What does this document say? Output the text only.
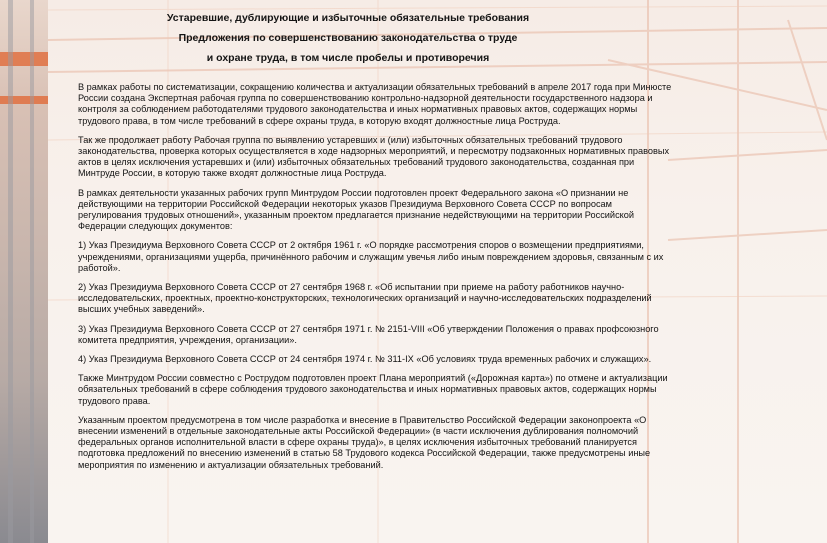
Устаревшие, дублирующие и избыточные обязательные требования
Предложения по совершенствованию законодательства о труде
и охране труда, в том числе пробелы и противоречия

В рамках работы по систематизации, сокращению количества и актуализации обязательных требований в апреле 2017 года при Минюсте России создана Экспертная рабочая группа по совершенствованию контрольно-надзорной деятельности государственного надзора и контроля за соблюдением работодателями трудового законодательства и иных нормативных правовых актов, содержащих нормы трудового права, в том числе требований в сфере охраны труда, в которую входят должностные лица Роструда.

Так же продолжает работу Рабочая группа по выявлению устаревших и (или) избыточных обязательных требований трудового законодательства, проверка которых осуществляется в ходе надзорных мероприятий, и пересмотру подзаконных нормативных правовых актов в целях исключения устаревших и (или) избыточных обязательных требований трудового законодательства, созданная при Минтруде России, в которую также входят должностные лица Роструда.

В рамках деятельности указанных рабочих групп Минтрудом России подготовлен проект Федерального закона «О признании не действующими на территории Российской Федерации некоторых указов Президиума Верховного Совета СССР по вопросам регулирования трудовых отношений», указанным проектом предлагается признание недействующими на территории Российской Федерации следующих документов:

1) Указ Президиума Верховного Совета СССР от 2 октября 1961 г. «О порядке рассмотрения споров о возмещении предприятиями, учреждениями, организациями ущерба, причинённого рабочим и служащим увечья либо иным повреждением здоровья, связанным с их работой».

2) Указ Президиума Верховного Совета СССР от 27 сентября 1968 г. «Об испытании при приеме на работу работников научно-исследовательских, проектных, проектно-конструкторских, технологических организаций и научно-исследовательских подразделений высших учебных заведений».

3) Указ Президиума Верховного Совета СССР от 27 сентября 1971 г. № 2151-VIII «Об утверждении Положения о правах профсоюзного комитета предприятия, учреждения, организации».

4) Указ Президиума Верховного Совета СССР от 24 сентября 1974 г. № 311-IX «Об условиях труда временных рабочих и служащих».

Также Минтрудом России совместно с Рострудом подготовлен проект Плана мероприятий («Дорожная карта») по отмене и актуализации обязательных требований в сфере соблюдения трудового законодательства и иных нормативных правовых актов, содержащих нормы трудового права.

Указанным проектом предусмотрена в том числе разработка и внесение в Правительство Российской Федерации законопроекта «О внесении изменений в отдельные законодательные акты Российской Федерации» (в части исключения дублирования полномочий федеральных органов исполнительной власти в сфере охраны труда)», в целях исключения избыточных требований планируется подготовка предложений по внесению изменений в статью 58 Трудового кодекса Российской Федерации, также предусмотрены иные мероприятия по изменению и актуализации обязательных требований.
